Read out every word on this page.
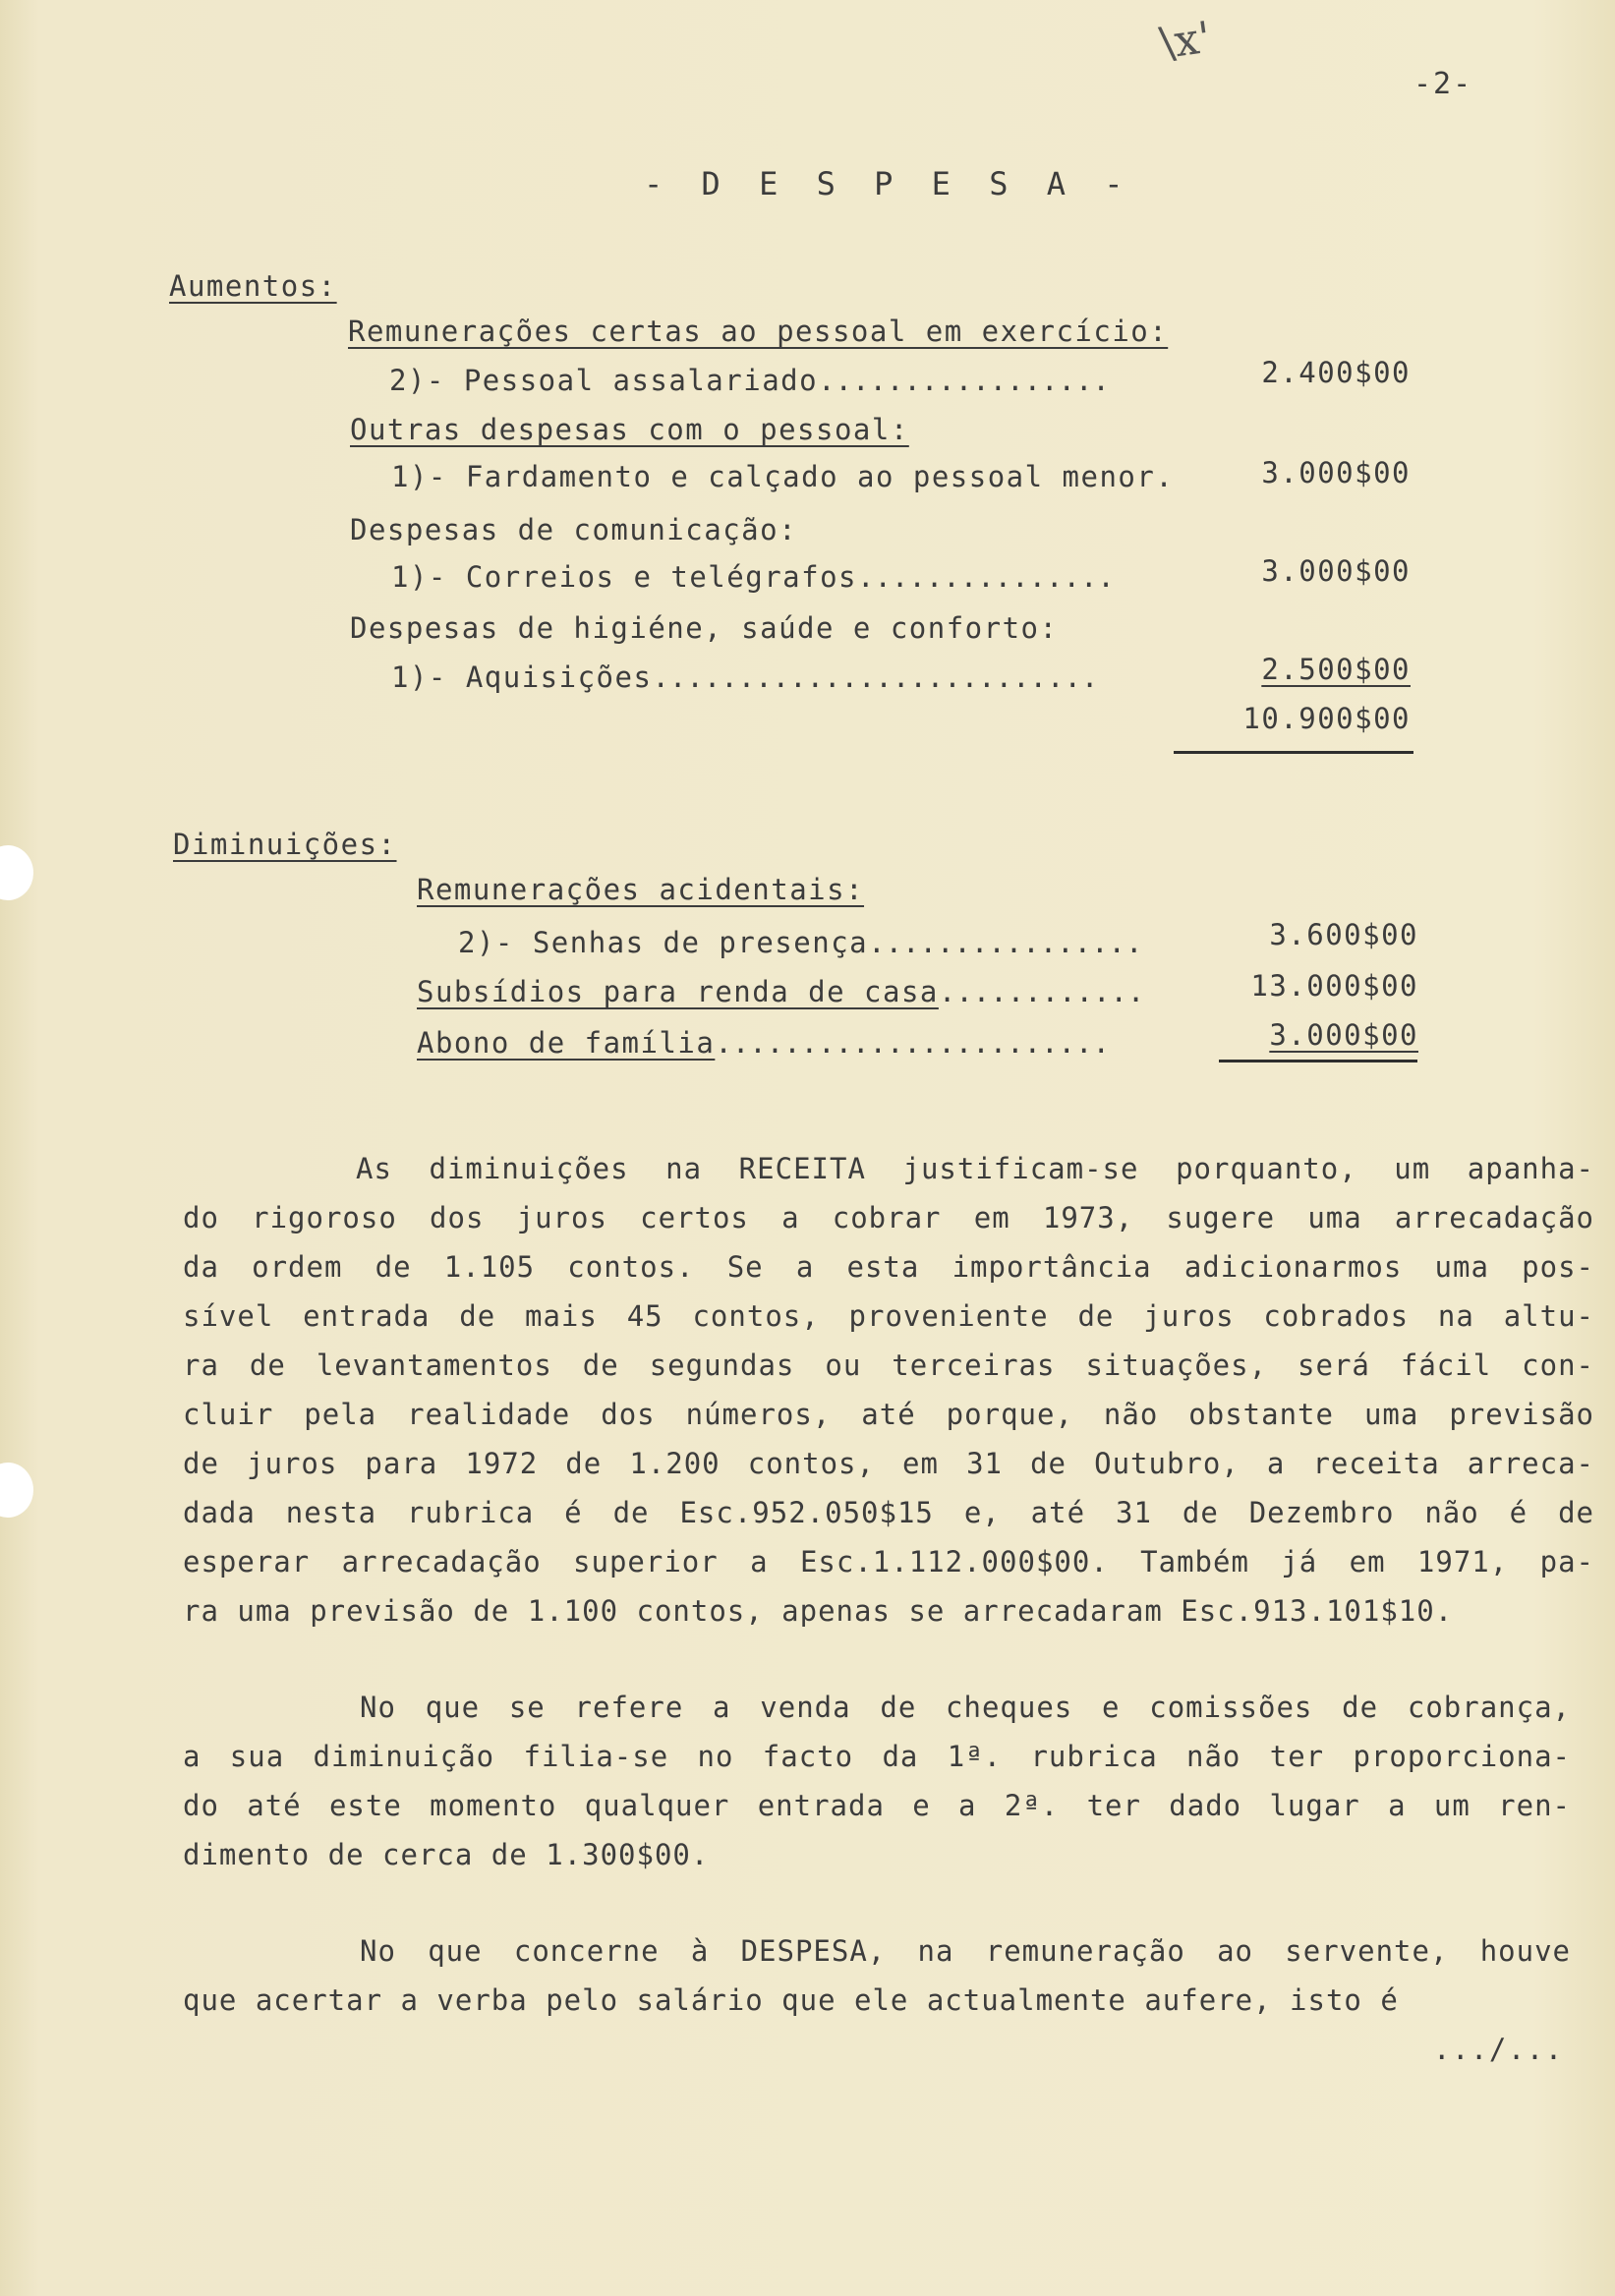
\x'
-2-
- D E S P E S A -
Aumentos:
Remunerações certas ao pessoal em exercício:
2)- Pessoal assalariado.................	2.400$00
Outras despesas com o pessoal:
1)- Fardamento e calçado ao pessoal menor.	3.000$00
Despesas de comunicação:
1)- Correios e telégrafos...............	3.000$00
Despesas de higiéne, saúde e conforto:
1)- Aquisições..........................	2.500$00
10.900$00
Diminuições:
Remunerações acidentais:
2)- Senhas de presença................	3.600$00
Subsídios para renda de casa............	13.000$00
Abono de família.......................	3.000$00
As diminuições na RECEITA justificam-se porquanto, um apanha-
do rigoroso dos juros certos a cobrar em 1973, sugere uma arrecadação
da ordem de 1.105 contos. Se a esta importância adicionarmos uma pos-
sível entrada de mais 45 contos, proveniente de juros cobrados na altu-
ra de levantamentos de segundas ou terceiras situações, será fácil con-
cluir pela realidade dos números, até porque, não obstante uma previsão
de juros para 1972 de 1.200 contos, em 31 de Outubro, a receita arreca-
dada nesta rubrica é de Esc.952.050$15 e, até 31 de Dezembro não é de
esperar arrecadação superior a Esc.1.112.000$00. Também já em 1971, pa-
ra uma previsão de 1.100 contos, apenas se arrecadaram Esc.913.101$10.
No que se refere a venda de cheques e comissões de cobrança,
a sua diminuição filia-se no facto da 1ª. rubrica não ter proporciona-
do até este momento qualquer entrada e a 2ª. ter dado lugar a um ren-
dimento de cerca de 1.300$00.
No que concerne à DESPESA, na remuneração ao servente, houve
que acertar a verba pelo salário que ele actualmente aufere, isto é
.../...
